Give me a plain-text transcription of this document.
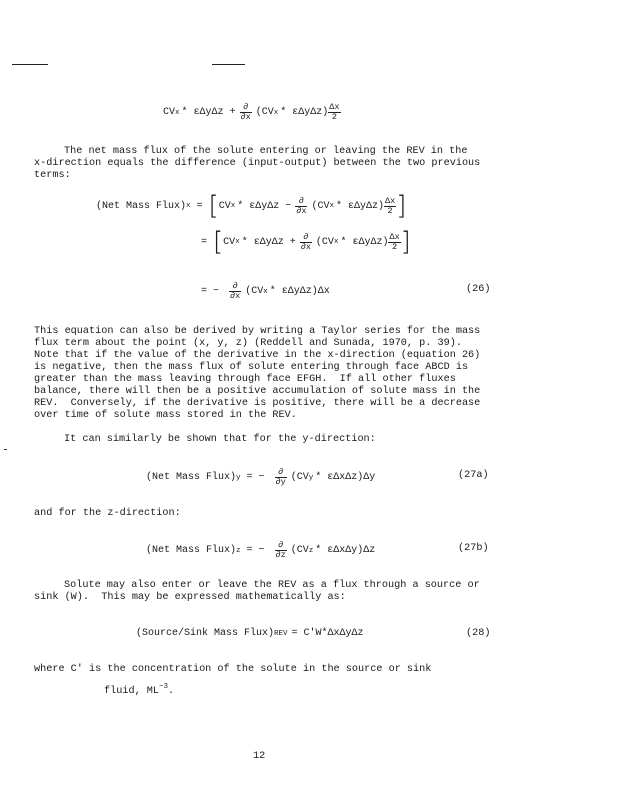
CV $x * \varepsilon\Delta y\Delta z + \frac{\partial}{\partial x} (CV$ x * $\varepsilon\Delta y\Delta z) \frac{\Delta x}{2}$
The net mass flux of the solute entering or leaving the REV in the
x-direction equals the difference (input-output) between the two previous
terms:
(Net Mass Flux) x = [ CV $x * \varepsilon\Delta y\Delta z - \frac{\partial}{\partial x} (CV$ x * $\varepsilon\Delta y\Delta z) \frac{\Delta x}{2}$ ]
= [ CV $x * \varepsilon\Delta y\Delta z + \frac{\partial}{\partial x} (CV$ x * $\varepsilon\Delta y\Delta z) \frac{\Delta x}{2}$ ]
= − $\frac{\partial}{\partial x} (CV$ x * εΔyΔz)Δx	(26)
This equation can also be derived by writing a Taylor series for the mass
flux term about the point (x, y, z) (Reddell and Sunada, 1970, p. 39).
Note that if the value of the derivative in the x-direction (equation 26)
is negative, then the mass flux of solute entering through face ABCD is
greater than the mass leaving through face EFGH.  If all other fluxes
balance, there will then be a positive accumulation of solute mass in the
REV.  Conversely, if the derivative is positive, there will be a decrease
over time of solute mass stored in the REV.
It can similarly be shown that for the y-direction:
(Net Mass Flux) y = − $\frac{\partial}{\partial y} (CV$ y * εΔxΔz)Δy	(27a)
and for the z-direction:
(Net Mass Flux) z = − $\frac{\partial}{\partial z} (CV$ z * εΔxΔy)Δz	(27b)
Solute may also enter or leave the REV as a flux through a source or
sink (W).  This may be expressed mathematically as:
(Source/Sink Mass Flux) REV = C'W*ΔxΔyΔz	(28)
where C' is the concentration of the solute in the source or sink
fluid, $ML^{-3}$.
12
